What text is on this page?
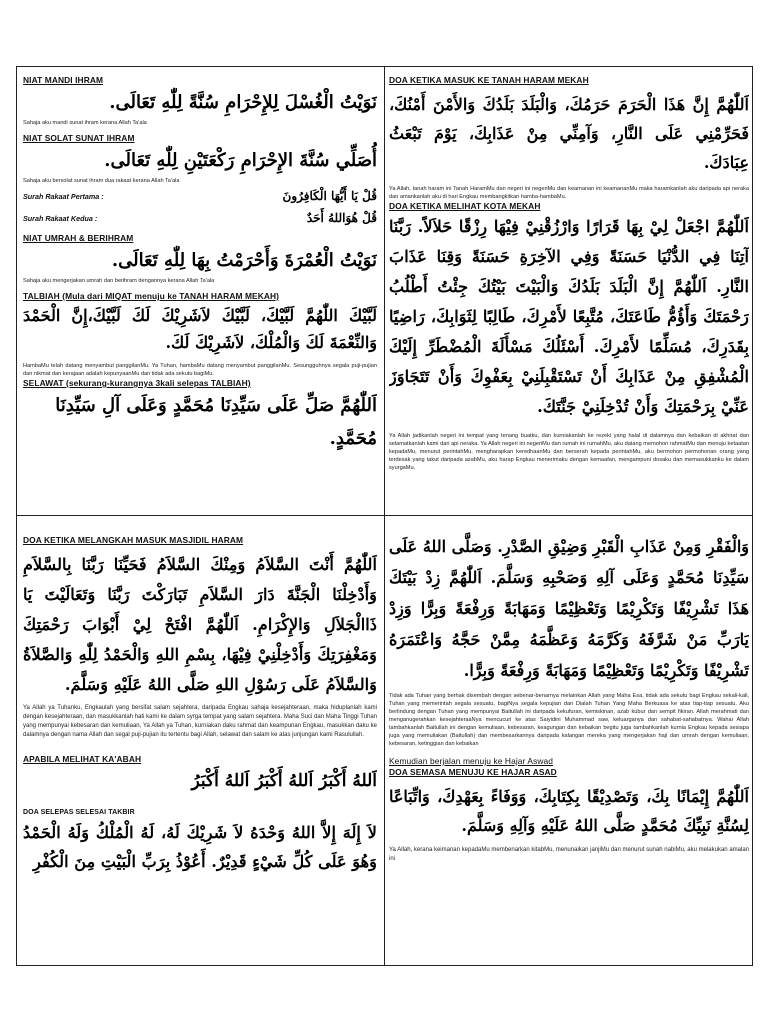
NIAT MANDI IHRAM

نَوَيْتُ الْغُسْلَ لِلإِحْرَامِ سُنَّةً لِلّٰهِ تَعَالَى.

Sahaja aku mandi sunat ihram kerana Allah Ta'ala

NIAT SOLAT SUNAT IHRAM

أُصَلِّي سُنَّةَ الإِحْرَامِ رَكْعَتَيْنِ لِلّٰهِ تَعَالَى.

Sahaja aku bersolat sunat ihram dua rakaat kerana Allah Ta'ala

Surah Rakaat Pertama :	قُلْ يَا أَيُّهَا الْكَافِرُونَ
Surah Rakaat Kedua :	قُلْ هُوَاللهُ أَحَدٌ

NIAT UMRAH & BERIHRAM

نَوَيْتُ الْعُمْرَةَ وَأَحْرَمْتُ بِهَا لِلّٰهِ تَعَالَى.

Sahaja aku mengerjakan umrah dan berihram dengannya kerana Allah Ta'ala

TALBIAH (Mula dari MIQAT menuju ke TANAH HARAM MEKAH)

لَبَّيْكَ اللّٰهُمَّ لَبَّيْكَ، لَبَّيْكَ لاَشَرِيْكَ لَكَ لَبَّيْكَ،إِنَّ الْحَمْدَ وَالنِّعْمَةَ لَكَ وَالْمُلْكَ، لاَشَرِيْكَ لَكَ.

HambaMu telah datang menyambut panggilanMu. Ya Tuhan, hambaMu datang menyambut panggilanMu. Sesungguhnya segala puji-pujian dan nikmat dan kerajaan adalah kepunyaanMu dan tidak ada sekutu bagiMu.

SELAWAT (sekurang-kurangnya 3kali selepas TALBIAH)

اَللّٰهُمَّ صَلِّ عَلَى سَيِّدِنَا مُحَمَّدٍ وَعَلَى آلِ سَيِّدِنَا مُحَمَّدٍ.

DOA KETIKA MASUK KE TANAH HARAM MEKAH

اَللّٰهُمَّ إِنَّ هَذَا الْحَرَمَ حَرَمُكَ، وَالْبَلَدَ بَلَدُكَ وَالأَمْنَ أَمْنُكَ، فَحَرِّمْنِي عَلَى النَّارِ، وَآمِنِّي مِنْ عَذَابِكَ، يَوْمَ تَبْعَثُ عِبَادَكَ.

Ya Allah, tanah haram ini Tanah HaramMu dan negeri ini negeriMu dan keamanan ini keamananMu maka haramkanlah aku daripada api neraka dan amankanlah aku di hari Engkau membangkitkan hamba-hambaMu.

DOA KETIKA MELIHAT KOTA MEKAH

اَللّٰهُمَّ اجْعَلْ لِيْ بِهَا قَرَارًا وَارْزُقْنِيْ فِيْهَا رِزْقًا حَلاَلاً. رَبَّنَا آتِنَا فِي الدُّنْيَا حَسَنَةً وَفِي الآخِرَةِ حَسَنَةً وَقِنَا عَذَابَ النَّارِ. اَللّٰهُمَّ إِنَّ الْبَلَدَ بَلَدُكَ وَالْبَيْتَ بَيْتُكَ جِئْتُ أَطْلُبُ رَحْمَتَكَ وَأَؤُمُّ طَاعَتَكَ، مُتَّبِعًا لأَمْرِكَ، طَالِبًا لِثَوَابِكَ، رَاضِيًا بِقَدَرِكَ، مُسَلِّمًا لأَمْرِكَ. أَسْئَلُكَ مَسْأَلَةَ الْمُضْطَرِّ إِلَيْكَ الْمُشْفِقِ مِنْ عَذَابِكَ أَنْ تَسْتَقْبِلَنِيْ بِعَفْوِكَ وَأَنْ تَتَجَاوَزَ عَنِّيْ بِرَحْمَتِكَ وَأَنْ تُدْخِلَنِيْ جَنَّتَكَ.

Ya Allah jadikanlah negeri ini tempat yang tenang buatku, dan kurniakanlah ke rezeki yang halal di dalamnya dan kebaikan di akhirat dan selamatkanlah kami dari api neraka. Ya Allah negeri ini negeriMu dan rumah ini rumahMu, aku datang memohon rahmatMu dan menuju ketaatan kepadaMu, menurut perintahMu, mengharapkan keredhaanMu dan berserah kepada perintahMu, aku bermohon permohonan orang yang terdesak yang takut daripada azabMu, aku harap Engkau menerimaku dengan kemaafan, mengampuni dosaku dan memasukkanku ke dalam syurgaMu.

DOA KETIKA MELANGKAH MASUK MASJIDIL HARAM

اَللّٰهُمَّ أَنْتَ السَّلاَمُ وَمِنْكَ السَّلاَمُ فَحَيِّنَا رَبَّنَا بِالسَّلاَمِ وَأَدْخِلْنَا الْجَنَّةَ دَارَ السَّلاَمِ تَبَارَكْتَ رَبَّنَا وَتَعَالَيْتَ يَا ذَاالْجَلاَلِ وَالإِكْرَامِ. اَللّٰهُمَّ افْتَحْ لِيْ أَبْوَابَ رَحْمَتِكَ وَمَغْفِرَتِكَ وَأَدْخِلْنِيْ فِيْهَا، بِسْمِ اللهِ وَالْحَمْدُ لِلّٰهِ وَالصَّلاَةُ وَالسَّلاَمُ عَلَى رَسُوْلِ اللهِ صَلَّى اللهُ عَلَيْهِ وَسَلَّمَ.

Ya Allah ya Tuhanku, Engkaulah yang bersifat salam sejahtera, daripada Engkau sahaja kesejahteraan, maka hiduplanlah kami dengan kesejahteraan, dan masukkanlah hati kami ke dalam syrga tempat yang salam sejahtera. Maha Suci dan Maha Tinggi Tuhan yang mempunyai kebesaran dan kemuliaan, Ya Allah ya Tuhan, kurniakan daku rahmat dan keampunan Engkau, masukkan daku ke dalamnya dengan nama Allah dan segal puji-pujian itu tertentu bagi Allah, selawat dan salam ke atas junjungan kami Rasulullah.

APABILA MELIHAT KA'ABAH

اَللهُ أَكْبَرُ اَللهُ أَكْبَرُ اَللهُ أَكْبَرُ

DOA SELEPAS SELESAI TAKBIR

لاَ إِلَهَ إِلاَّ اللهُ وَحْدَهُ لاَ شَرِيْكَ لَهُ، لَهُ الْمُلْكُ وَلَهُ الْحَمْدُ وَهُوَ عَلَى كُلِّ شَيْءٍ قَدِيْرٌ. أَعُوْذُ بِرَبِّ الْبَيْتِ مِنَ الْكُفْرِ

وَالْفَقْرِ وَمِنْ عَذَابِ الْقَبْرِ وَضِيْقِ الصَّدْرِ. وَصَلَّى اللهُ عَلَى سَيِّدِنَا مُحَمَّدٍ وَعَلَى آلِهِ وَصَحْبِهِ وَسَلَّمَ. اَللّٰهُمَّ زِدْ بَيْتَكَ هَذَا تَشْرِيْفًا وَتَكْرِيْمًا وَتَعْظِيْمًا وَمَهَابَةً وَرِفْعَةً وَبِرًّا وَزِدْ يَارَبِّ مَنْ شَرَّفَهُ وَكَرَّمَهُ وَعَظَّمَهُ مِمَّنْ حَجَّهُ وَاعْتَمَرَهُ تَشْرِيْفًا وَتَكْرِيْمًا وَتَعْظِيْمًا وَمَهَابَةً وَرِفْعَةً وَبِرًّا.

Tidak ada Tuhan yang berhak disembah dengan sebenar-benarnya melainkan Allah yang Maha Esa, tidak ada sekutu bagi Engkau sekali-kali, Tuhan yang memerintah segala sesuatu, bagiNya segala kepujian dan Dialah Tuhan Yang Maha Berkuasa ke atas tiap-tiap sesuatu. Aku berlindung dengan Tuhan yang mempunyai Baitullah ini daripada kekufuran, kemiskinan, azab kubur dan sempit fikiran. Allah merahmati dan menganugerahkan kesejahteraaNya mencucuri ke atas Saiyidini Muhammad saw, keluarganya dan sahabat-sahabatnya. Wahai Allah tambahkanlah Baitullah ini dengan kemuliaan, kebesaran, keagungan dan kebaikan begitu juga tambahkanlah kurnia Engkau kepada sesiapa juga yang memuliakan (Baitullah) dan membesarkannya daripada kalangan mereka yang mengerjakan haji dan umrah dengan kemuliaan, kebesaran, ketinggian dan kebaikan

Kemudian berjalan menuju ke Hajar Aswad

DOA SEMASA MENUJU KE HAJAR ASAD

اَللّٰهُمَّ إِيْمَانًا بِكَ، وَتَصْدِيْقًا بِكِتَابِكَ، وَوَفَاءً بِعَهْدِكَ، وَاتِّبَاعًا لِسُنَّةِ نَبِيِّكَ مُحَمَّدٍ صَلَّى اللهُ عَلَيْهِ وَآلِهِ وَسَلَّمَ.

Ya Allah, kerana keimanan kepadaMu membenarkan kitabMu, menunaikan janjiMu dan menurut sunah nabiMu, aku melakukan amalan ini
